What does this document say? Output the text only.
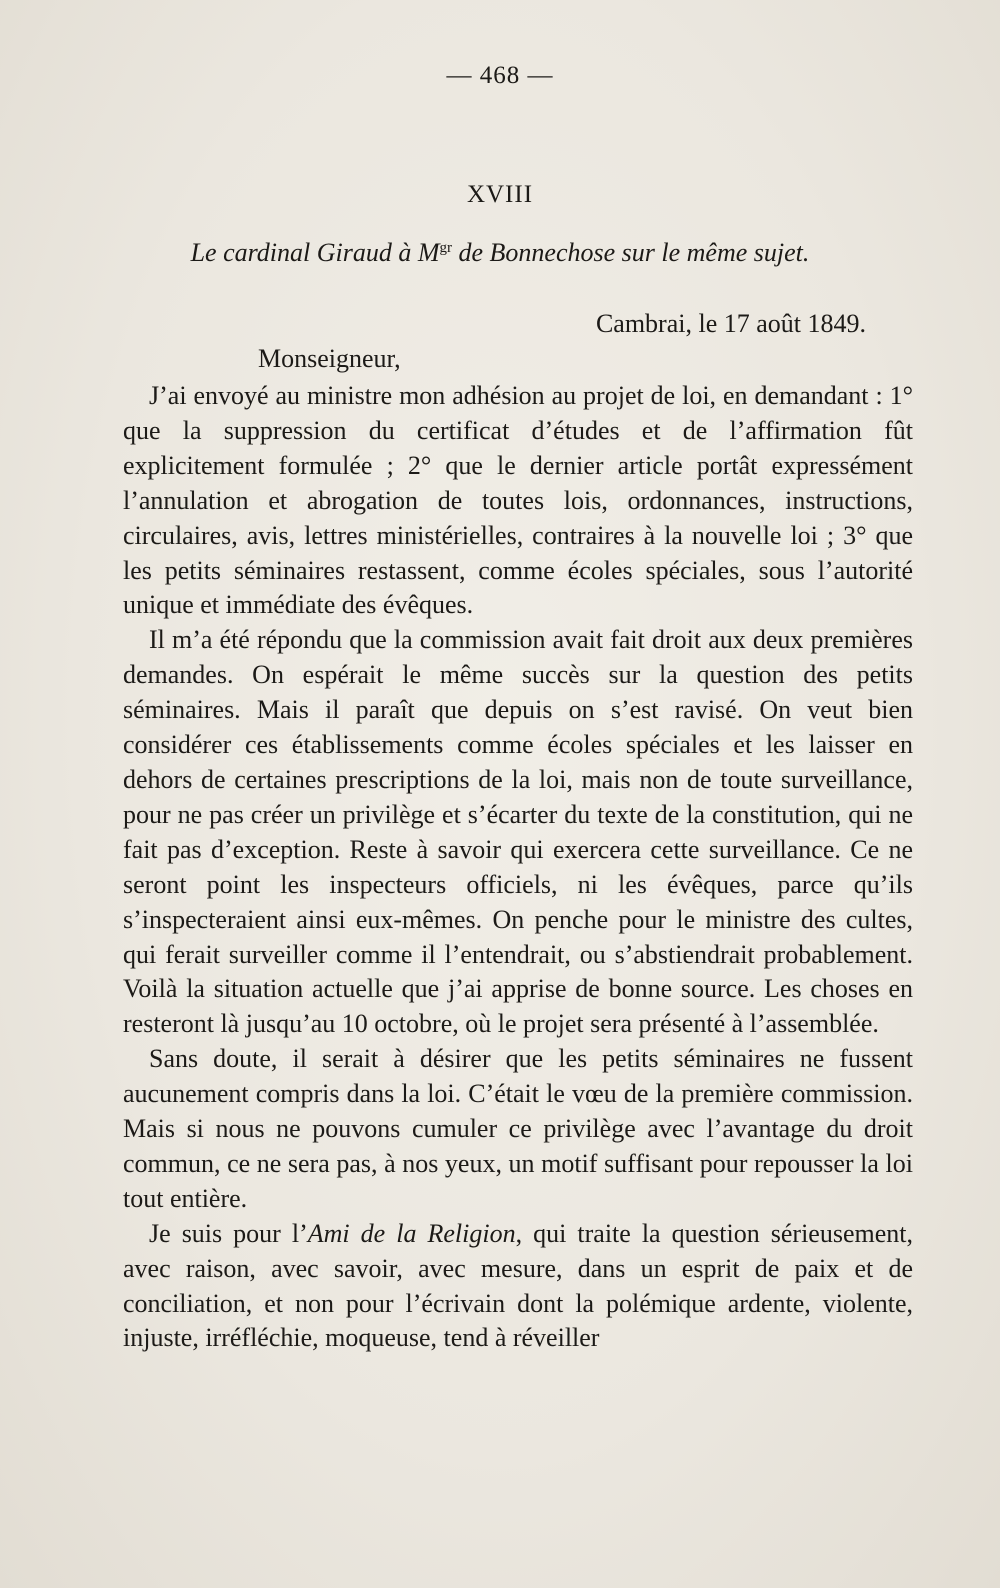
— 468 —
XVIII
Le cardinal Giraud à $M^{gr}$ de Bonnechose sur le même sujet.
Cambrai, le 17 août 1849.
Monseigneur,

J’ai envoyé au ministre mon adhésion au projet de loi, en demandant : 1° que la suppression du certificat d’études et de l’affirmation fût explicitement formulée ; 2° que le dernier article portât expressément l’annulation et abrogation de toutes lois, ordonnances, instructions, circulaires, avis, lettres ministérielles, contraires à la nouvelle loi ; 3° que les petits séminaires restassent, comme écoles spéciales, sous l’autorité unique et immédiate des évêques.

Il m’a été répondu que la commission avait fait droit aux deux premières demandes. On espérait le même succès sur la question des petits séminaires. Mais il paraît que depuis on s’est ravisé. On veut bien considérer ces établissements comme écoles spéciales et les laisser en dehors de certaines prescriptions de la loi, mais non de toute surveillance, pour ne pas créer un privilège et s’écarter du texte de la constitution, qui ne fait pas d’exception. Reste à savoir qui exercera cette surveillance. Ce ne seront point les inspecteurs officiels, ni les évêques, parce qu’ils s’inspecteraient ainsi eux-mêmes. On penche pour le ministre des cultes, qui ferait surveiller comme il l’entendrait, ou s’abstiendrait probablement. Voilà la situation actuelle que j’ai apprise de bonne source. Les choses en resteront là jusqu’au 10 octobre, où le projet sera présenté à l’assemblée.

Sans doute, il serait à désirer que les petits séminaires ne fussent aucunement compris dans la loi. C’était le vœu de la première commission. Mais si nous ne pouvons cumuler ce privilège avec l’avantage du droit commun, ce ne sera pas, à nos yeux, un motif suffisant pour repousser la loi tout entière.

Je suis pour l’Ami de la Religion, qui traite la question sérieusement, avec raison, avec savoir, avec mesure, dans un esprit de paix et de conciliation, et non pour l’écrivain dont la polémique ardente, violente, injuste, irréfléchie, moqueuse, tend à réveiller
